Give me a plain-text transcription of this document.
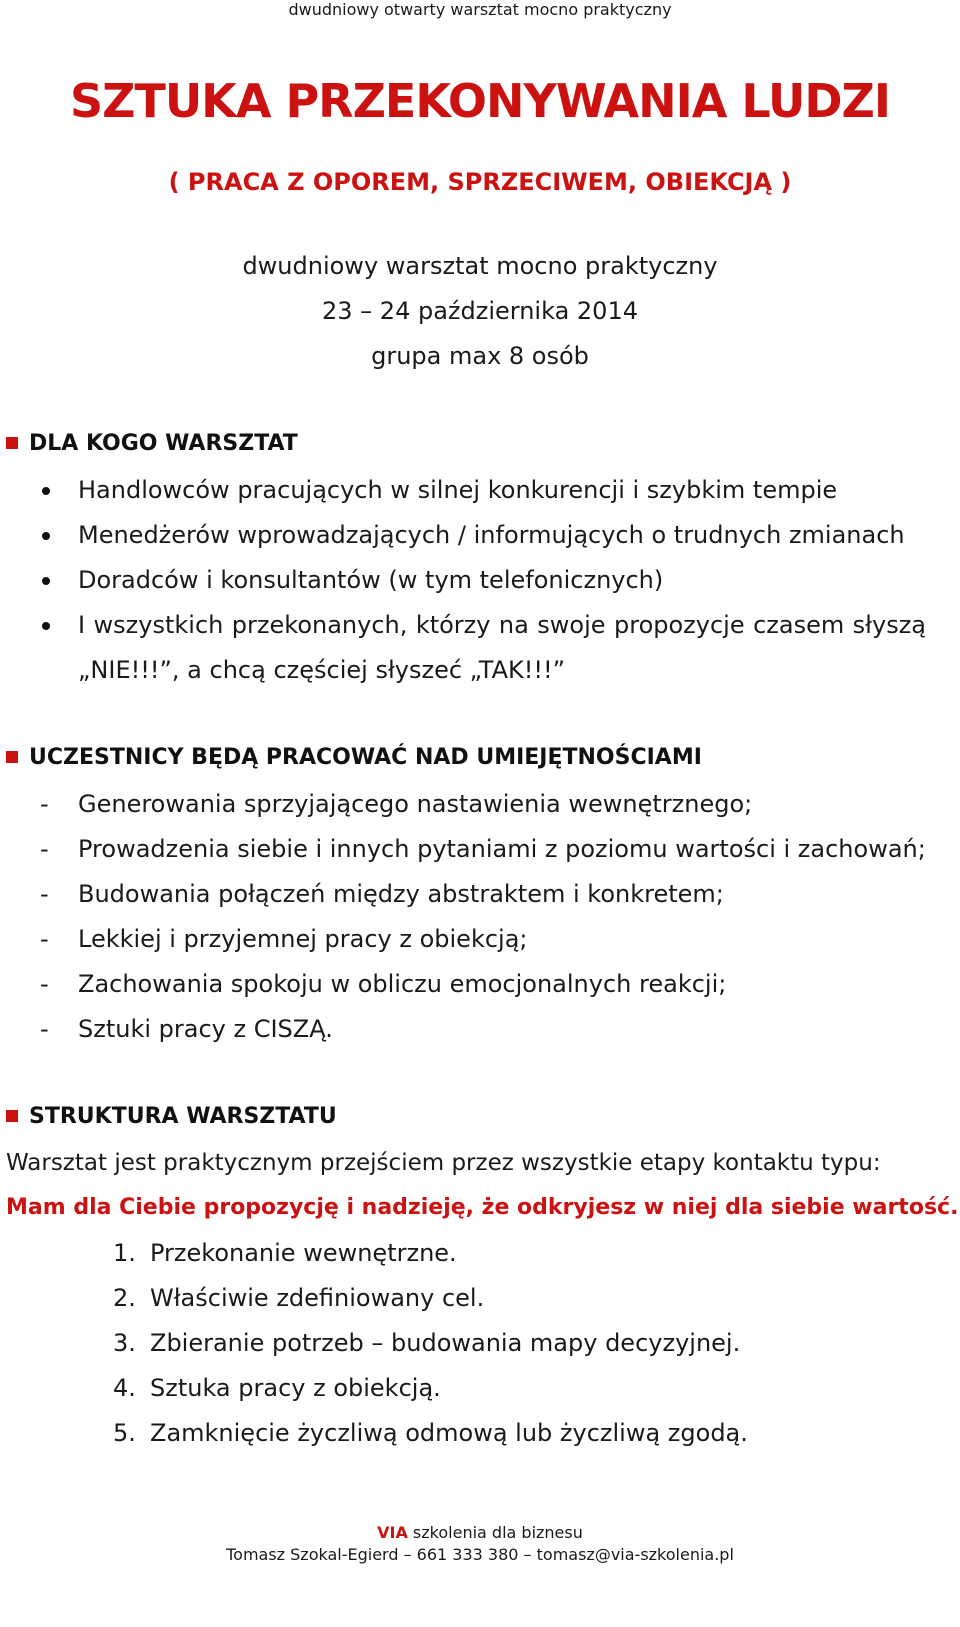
dwudniowy otwarty warsztat mocno praktyczny
SZTUKA PRZEKONYWANIA LUDZI
( PRACA Z OPOREM, SPRZECIWEM, OBIEKCJĄ )
dwudniowy warsztat mocno praktyczny
23 – 24 października 2014
grupa max 8 osób
DLA KOGO WARSZTAT
Handlowców pracujących w silnej konkurencji i szybkim tempie
Menedżerów wprowadzających / informujących o trudnych zmianach
Doradców i konsultantów (w tym telefonicznych)
I wszystkich przekonanych, którzy na swoje propozycje czasem słyszą
„NIE!!!”, a chcą częściej słyszeć „TAK!!!”
UCZESTNICY BĘDĄ PRACOWAĆ NAD UMIEJĘTNOŚCIAMI
- Generowania sprzyjającego nastawienia wewnętrznego;
- Prowadzenia siebie i innych pytaniami z poziomu wartości i zachowań;
- Budowania połączeń między abstraktem i konkretem;
- Lekkiej i przyjemnej pracy z obiekcją;
- Zachowania spokoju w obliczu emocjonalnych reakcji;
- Sztuki pracy z CISZĄ.
STRUKTURA WARSZTATU
Warsztat jest praktycznym przejściem przez wszystkie etapy kontaktu typu:
Mam dla Ciebie propozycję i nadzieję, że odkryjesz w niej dla siebie wartość.
1. Przekonanie wewnętrzne.
2. Właściwie zdefiniowany cel.
3. Zbieranie potrzeb – budowania mapy decyzyjnej.
4. Sztuka pracy z obiekcją.
5. Zamknięcie życzliwą odmową lub życzliwą zgodą.
VIA szkolenia dla biznesu
Tomasz Szokal-Egierd – 661 333 380 – tomasz@via-szkolenia.pl
